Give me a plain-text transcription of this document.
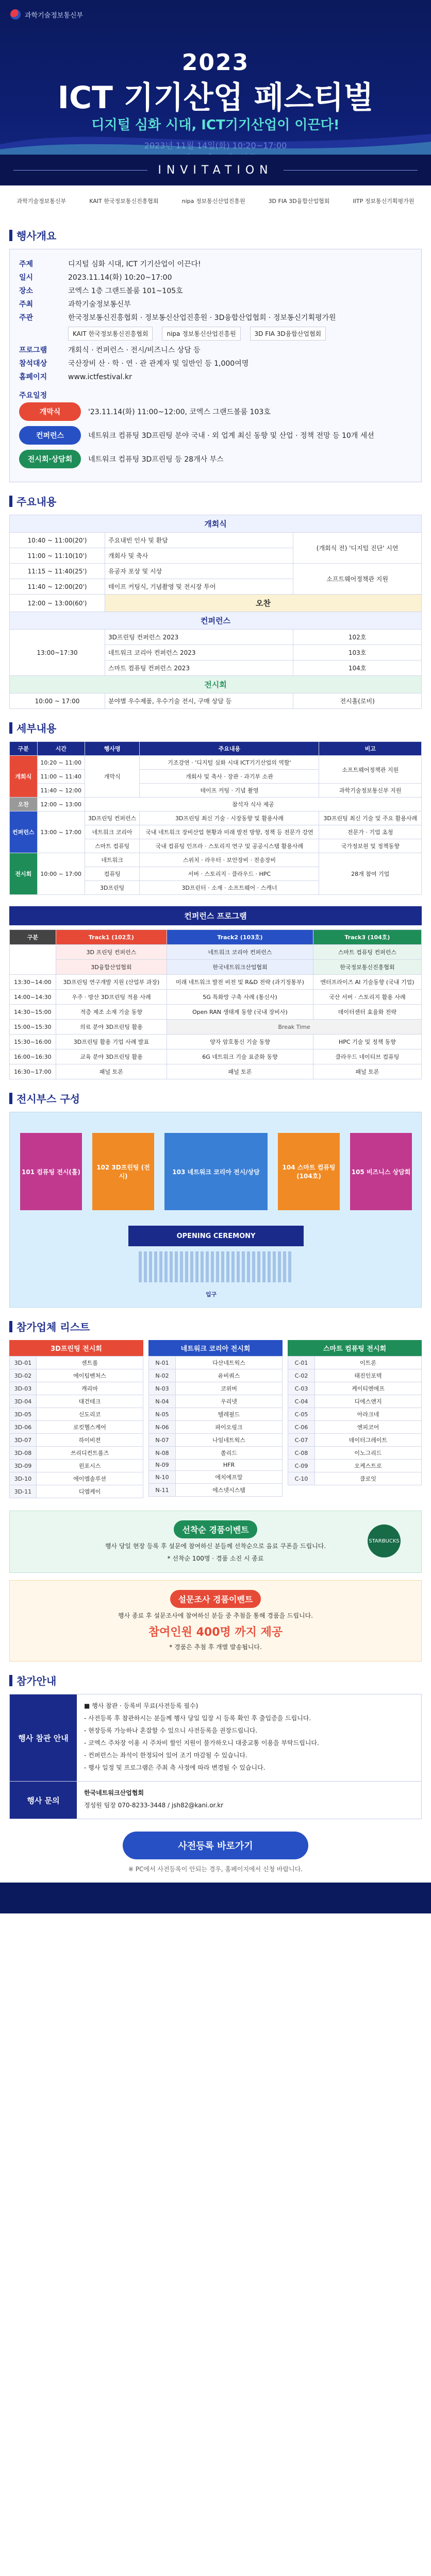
과학기술정보통신부
2023
ICT 기기산업 페스티벌
디지털 심화 시대, ICT기기산업이 이끈다!
INVITATION
과학기술정보통신부	KAIT 한국정보통신진흥협회	nipa 정보통신산업진흥원	3D FIA 3D융합산업협회	IITP 정보통신기획평가원
행사개요
주제	디지털 심화 시대, ICT 기기산업이 이끈다!
일시	2023.11.14(화) 10:20~17:00
장소	코엑스 1층 그랜드볼룸 101~105호
주최	과학기술정보통신부
주관	한국정보통신진흥협회 · 정보통신산업진흥원 · 3D융합산업협회 · 정보통신기획평가원
KAIT 한국정보통신진흥협회	nipa 정보통신산업진흥원	3D FIA 3D융합산업협회
프로그램	개회식 · 컨퍼런스 · 전시/비즈니스 상담 등
참석대상	국산장비 산 · 학 · 연 · 관 관계자 및 일반인 등 1,000여명
홈페이지	www.ictfestival.kr
주요일정
개막식	'23.11.14(화) 11:00~12:00, 코엑스 그랜드볼룸 103호
컨퍼런스	네트워크 컴퓨팅 3D프린팅 분야 국내 · 외 업계 최신 동향 및 산업 · 정책 전망 등 10개 세션
전시회·상담회	네트워크 컴퓨팅 3D프린팅 등 28개사 부스
주요내용
개회식		
10:40 ~ 11:00(20')	주요내빈 인사 및 환담	(개회식 전) '디지털 진단' 시연
11:00 ~ 11:10(10')	개회사 및 축사	
11:15 ~ 11:40(25')	유공자 포상 및 시상	소프트웨어정책관 지원
11:40 ~ 12:00(20')	테이프 커팅식, 기념촬영 및 전시장 투어	
12:00 ~ 13:00(60')	오찬	
컨퍼런스		
13:00~17:30	3D프린팅 컨퍼런스 2023	102호
	네트워크 코리아 컨퍼런스 2023	103호
	스마트 컴퓨팅 컨퍼런스 2023	104호
전시회		
10:00 ~ 17:00	분야별 우수제품, 우수기술 전시, 구매 상담 등	전시홀(로비)
세부내용
구분	시간	행사명	주요내용	비고
개회식	10:20 ~ 11:00	개막식	기조강연 · '디지털 심화 시대 ICT기기산업의 역할'	소프트웨어정책관 지원
	11:00 ~ 11:40		개회사 및 축사 · 장관 · 과기부 소관	
	11:40 ~ 12:00		테이프 커팅 · 기념 촬영	과학기술정보통신부 지원
오찬	12:00 ~ 13:00	참석자 식사 제공		
컨퍼런스	13:00 ~ 17:00	3D프린팅 컨퍼런스	3D프린팅 최신 기술 · 시장동향 및 활용사례	3D프린팅 최신 기술 및 주요 활용사례
		네트워크 코리아	국내 네트워크 장비산업 현황과 미래 발전 방향, 정책 등 전문가 강연	전문가 · 기업 초청
		스마트 컴퓨팅	국내 컴퓨팅 인프라 · 스토리지 연구 및 공공시스템 활용사례	국가정보원 및 정책동향
전시회	10:00 ~ 17:00	네트워크	스위치 · 라우터 · 보안장비 · 전송장비	28개 참여 기업
		컴퓨팅	서버 · 스토리지 · 클라우드 · HPC	
		3D프린팅	3D프린터 · 소재 · 소프트웨어 · 스캐너	
컨퍼런스 프로그램
구분	Track1 (102호)	Track2 (103호)	Track3 (104호)
	3D 프린팅 컨퍼런스	네트워크 코리아 컨퍼런스	스마트 컴퓨팅 컨퍼런스
	3D융합산업협회	한국네트워크산업협회	한국정보통신진흥협회
13:30~14:00	3D프린팅 연구개발 지원 (산업부 과장)	미래 네트워크 발전 비전 및 R&D 전략 (과기정통부)	엔터프라이즈 AI 기술동향 (국내 기업)
14:00~14:30	우주 · 방산 3D프린팅 적용 사례	5G 특화망 구축 사례 (통신사)	국산 서버 · 스토리지 활용 사례
14:30~15:00	적층 제조 소재 기술 동향	Open RAN 생태계 동향 (국내 장비사)	데이터센터 효율화 전략
15:00~15:30	의료 분야 3D프린팅 활용	Break Time	
15:30~16:00	3D프린팅 활용 기업 사례 발표	양자 암호통신 기술 동향	HPC 기술 및 정책 동향
16:00~16:30	교육 분야 3D프린팅 활용	6G 네트워크 기술 표준화 동향	클라우드 네이티브 컴퓨팅
16:30~17:00	패널 토론	패널 토론	패널 토론
전시부스 구성
101 컴퓨팅 전시(홀)
102 3D프린팅 (전시)
103 네트워크 코리아 전시/상담
104 스마트 컴퓨팅 (104호)
105 비즈니스 상담회
OPENING CEREMONY
입구
참가업체 리스트
3D프린팅 전시회
3D-01	센트롤
3D-02	에이팀벤처스
3D-03	캐리마
3D-04	대건테크
3D-05	신도리코
3D-06	로킷헬스케어
3D-07	하이비젼
3D-08	쓰리디컨트롤즈
3D-09	윈포시스
3D-10	에이엠솔루션
3D-11	디엠케이
네트워크 코리아 전시회
N-01	다산네트웍스
N-02	유비쿼스
N-03	코위버
N-04	우리넷
N-05	텔레필드
N-06	파이오링크
N-07	나임네트웍스
N-08	쏠리드
N-09	HFR
N-10	에치에프알
N-11	에스넷시스템
스마트 컴퓨팅 전시회
C-01	이트론
C-02	태진인포텍
C-03	케이티엔에프
C-04	디에스앤지
C-05	아라크네
C-06	엔피코어
C-07	데이터그레이트
C-08	이노그리드
C-09	오케스트로
C-10	클로잇
선착순 경품이벤트

행사 당일 현장 등록 후 설문에 참여하신 분들께 선착순으로 음료 쿠폰을 드립니다.

* 선착순 100명 · 경품 소진 시 종료

STARBUCKS
설문조사 경품이벤트

행사 종료 후 설문조사에 참여하신 분들 중 추첨을 통해 경품을 드립니다.

참여인원 400명 까지 제공

* 경품은 추첨 후 개별 발송됩니다.

참가안내
행사 참관 안내
■ 행사 참관 · 등록비 무료(사전등록 필수)
- 사전등록 후 참관하시는 분들께 행사 당일 입장 시 등록 확인 후 출입증을 드립니다.
- 현장등록 가능하나 혼잡할 수 있으니 사전등록을 권장드립니다.
- 코엑스 주차장 이용 시 주차비 할인 지원이 불가하오니 대중교통 이용을 부탁드립니다.
- 컨퍼런스는 좌석이 한정되어 있어 조기 마감될 수 있습니다.
- 행사 일정 및 프로그램은 주최 측 사정에 따라 변경될 수 있습니다.
행사 문의
한국네트워크산업협회
정성원 팀장 070-8233-3448 / jsh82@kani.or.kr
사전등록 바로가기
※ PC에서 사전등록이 안되는 경우, 홈페이지에서 신청 바랍니다.
